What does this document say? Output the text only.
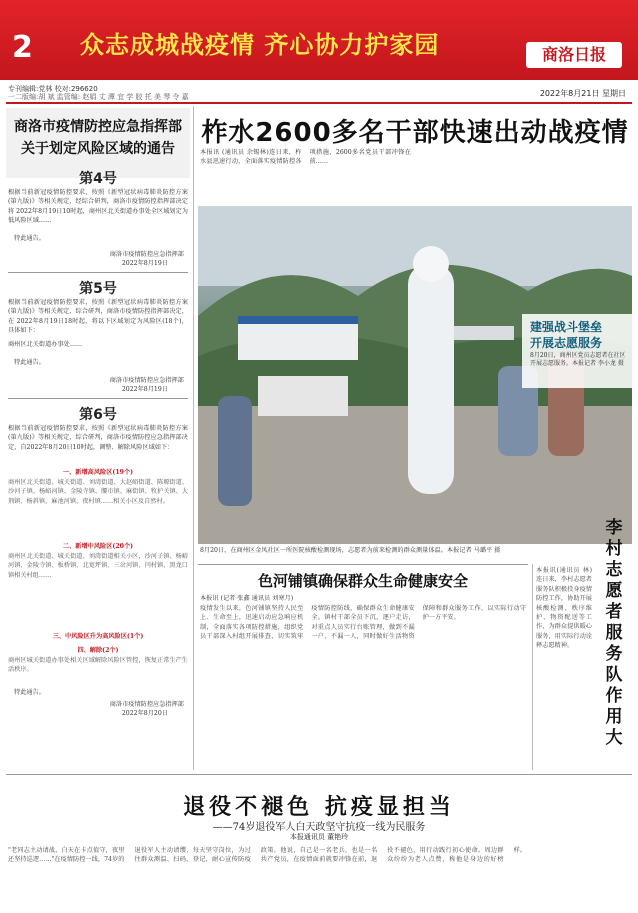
2 众志成城战疫情 齐心协力护家园	商洛日报
专刊编辑:党林 校对:296620
一二版编:胡 斌 监管编: 赵娟 丈 潭 宜 学 胶 托 美 琴 令 嘉	2022年8月21日 星期日
商洛市疫情防控应急指挥部
关于划定风险区域的通告
第4号
根据当前新冠疫情防控要求，按照《新型冠状病毒肺炎防控方案(第九版)》等相关规定，经综合研判，商洛市疫情防控指挥部决定将 2022年8月19日10时起，商州区北关街道办事处全区域划定为低风险区域……
特此通告。
商洛市疫情防控应急指挥部
2022年8月19日
第5号
根据当前新冠疫情防控要求，按照《新型冠状病毒肺炎防控方案(第九版)》等相关规定，综合研判，商洛市疫情防控指挥部决定，在 2022年8月19日18时起，将以下区域划定为风险区(18个)，具体如下：
商州区北关街道办事处……
特此通告。
商洛市疫情防控应急指挥部
2022年8月19日
第6号
根据当前新冠疫情防控要求，按照《新型冠状病毒肺炎防控方案(第九版)》等相关规定，综合研判，商洛市疫情防控应急指挥部决定，自2022年8月20日10时起，调整、解除风险区域如下：
一、新增高风险区(19个)
商州区北关街道、城关街道、刘湾街道、大赵峪街道、陈塬街道、沙河子镇、杨峪河镇、金陵寺镇、腰市镇、麻街镇、牧护关镇、大荆镇、杨斜镇、麻池河镇、夜村镇……相关小区及自然村。
二、新增中风险区(20个)
商州区北关街道、城关街道、刘湾街道相关小区，沙河子镇、杨峪河镇、金陵寺镇、板桥镇、北宽坪镇、三岔河镇、闫村镇、黑龙口镇相关村组……
三、中风险区升为高风险区(1个)
四、解除(2个)
商州区城关街道办事处相关区域解除风险区管控，恢复正常生产生活秩序。
特此通告。
商洛市疫情防控应急指挥部
2022年8月20日
柞水2600多名干部快速出动战疫情
本报讯 (通讯员 余锡林)连日来，柞水县迅速行动，全面落实疫情防控各项措施，2600多名党员干部冲锋在前……
建强战斗堡垒
开展志愿服务
8月20日，商州区党员志愿者在社区开展志愿服务。本报记者 李小龙 摄
8月20日，在商州区金凤社区一所医院核酸检测现场，志愿者为前来检测的群众测量体温。本报记者 马璐平 摄
色河铺镇确保群众生命健康安全
本报讯 (记者 张鑫 通讯员 刘寒月)
疫情发生以来，色河铺镇坚持人民至上、生命至上，迅速启动应急响应机制，全面落实各项防控措施，组织党员干部深入村组开展排查，切实筑牢疫情防控防线，确保群众生命健康安全。镇村干部全员下沉，逐户走访，对重点人员实行台账管理，做到不漏一户、不漏一人，同时做好生活物资保障和群众服务工作，以实际行动守护一方平安。
本报讯(通讯员 林)连日来，李村志愿者服务队积极投身疫情防控工作，协助开展核酸检测、秩序维护、物资配送等工作，为群众提供暖心服务，用实际行动诠释志愿精神。
李村志愿者服务队作用大
退役不褪色 抗疫显担当
——74岁退役军人白天政坚守抗疫一线为民服务
本报通讯员 董艳玲
"老同志主动请战，白天在卡点值守，夜里还坚持巡逻……"在疫情防控一线，74岁的退役军人主动请缨，每天坚守岗位，为过往群众测温、扫码、登记，耐心宣传防疫政策。他说，自己是一名老兵，也是一名共产党员，在疫情面前就要冲锋在前，退役不褪色，用行动践行初心使命。周边群众纷纷为老人点赞，称他是身边的好榜样。
